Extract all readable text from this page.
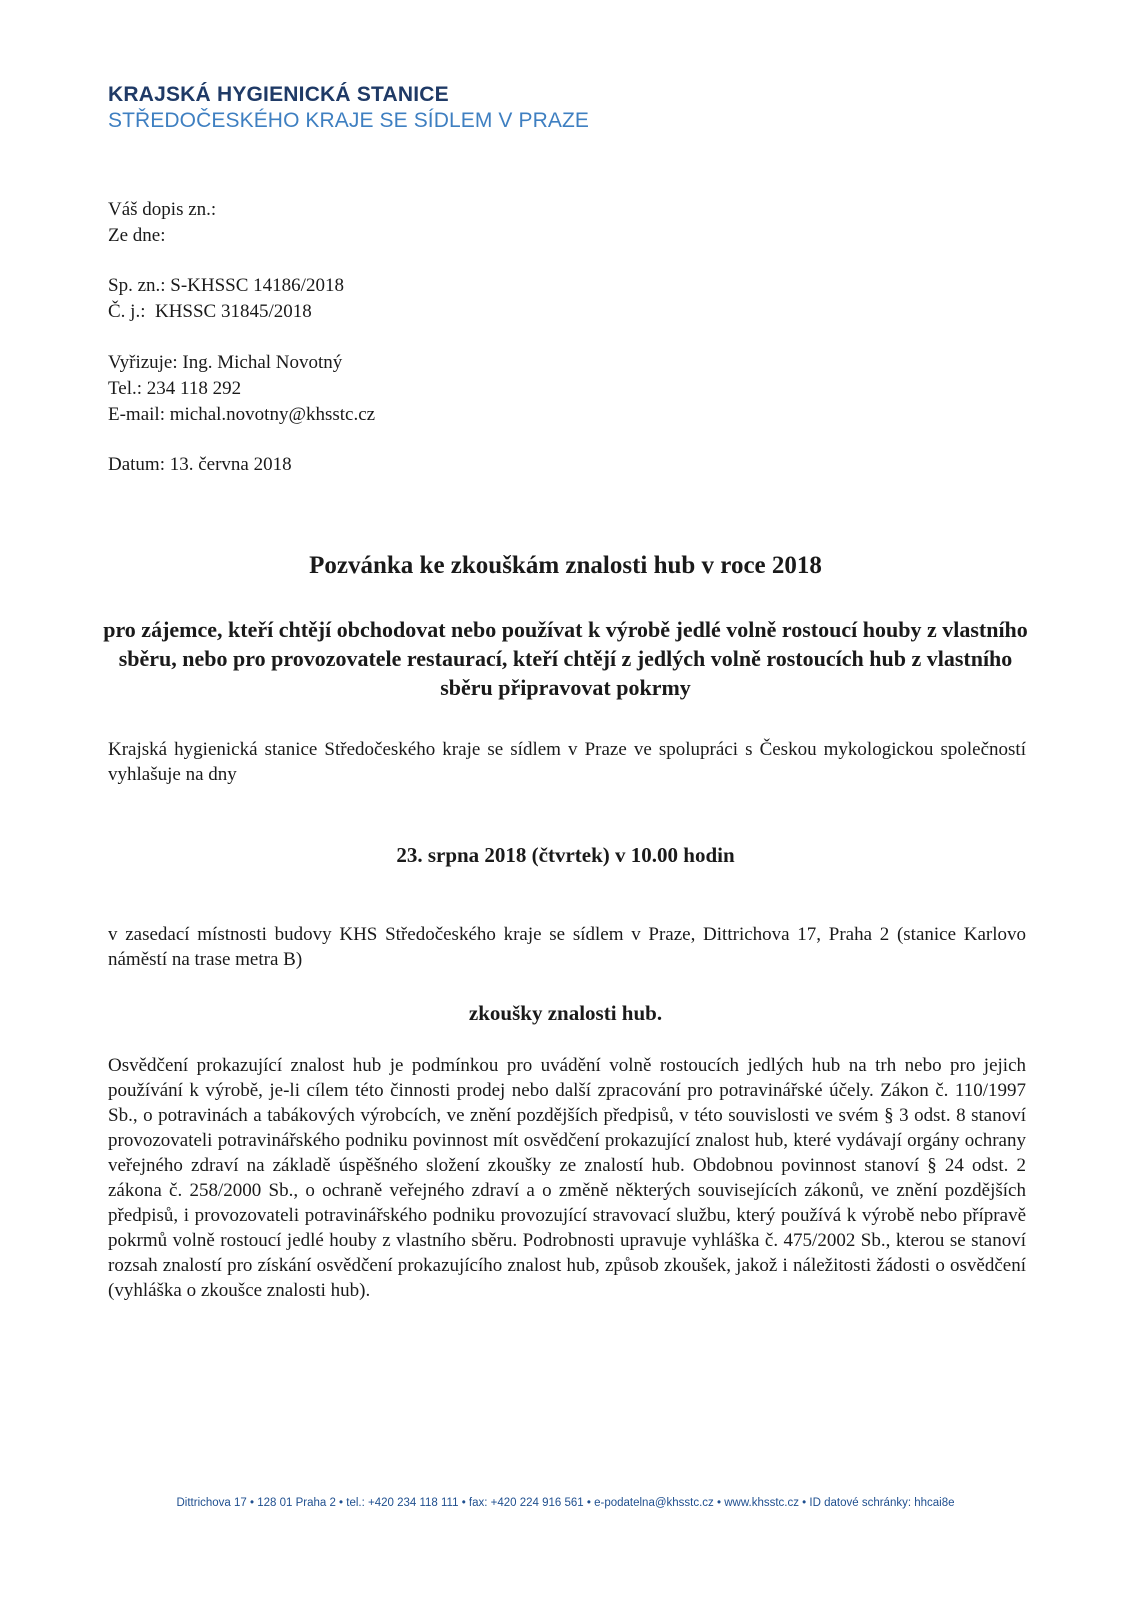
KRAJSKÁ HYGIENICKÁ STANICE
STŘEDOČESKÉHO KRAJE SE SÍDLEM V PRAZE
Váš dopis zn.:
Ze dne:
Sp. zn.: S-KHSSC 14186/2018
Č. j.:  KHSSC 31845/2018
Vyřizuje: Ing. Michal Novotný
Tel.: 234 118 292
E-mail: michal.novotny@khsstc.cz
Datum: 13. června 2018
Pozvánka ke zkouškám znalosti hub v roce 2018
pro zájemce, kteří chtějí obchodovat nebo používat k výrobě jedlé volně rostoucí houby z vlastního sběru, nebo pro provozovatele restaurací, kteří chtějí z jedlých volně rostoucích hub z vlastního sběru připravovat pokrmy
Krajská hygienická stanice Středočeského kraje se sídlem v Praze ve spolupráci s Českou mykologickou společností vyhlašuje na dny
23. srpna 2018 (čtvrtek) v 10.00 hodin
v zasedací místnosti budovy KHS Středočeského kraje se sídlem v Praze, Dittrichova 17, Praha 2 (stanice Karlovo náměstí na trase metra B)
zkoušky znalosti hub.
Osvědčení prokazující znalost hub je podmínkou pro uvádění volně rostoucích jedlých hub na trh nebo pro jejich používání k výrobě, je-li cílem této činnosti prodej nebo další zpracování pro potravinářské účely. Zákon č. 110/1997 Sb., o potravinách a tabákových výrobcích, ve znění pozdějších předpisů, v této souvislosti ve svém § 3 odst. 8 stanoví provozovateli potravinářského podniku povinnost mít osvědčení prokazující znalost hub, které vydávají orgány ochrany veřejného zdraví na základě úspěšného složení zkoušky ze znalostí hub. Obdobnou povinnost stanoví § 24 odst. 2 zákona č. 258/2000 Sb., o ochraně veřejného zdraví a o změně některých souvisejících zákonů, ve znění pozdějších předpisů, i provozovateli potravinářského podniku provozující stravovací službu, který používá k výrobě nebo přípravě pokrmů volně rostoucí jedlé houby z vlastního sběru. Podrobnosti upravuje vyhláška č. 475/2002 Sb., kterou se stanoví rozsah znalostí pro získání osvědčení prokazujícího znalost hub, způsob zkoušek, jakož i náležitosti žádosti o osvědčení (vyhláška o zkoušce znalosti hub).
Dittrichova 17 • 128 01 Praha 2 • tel.: +420 234 118 111 • fax: +420 224 916 561 • e-podatelna@khsstc.cz • www.khsstc.cz • ID datové schránky: hhcai8e
